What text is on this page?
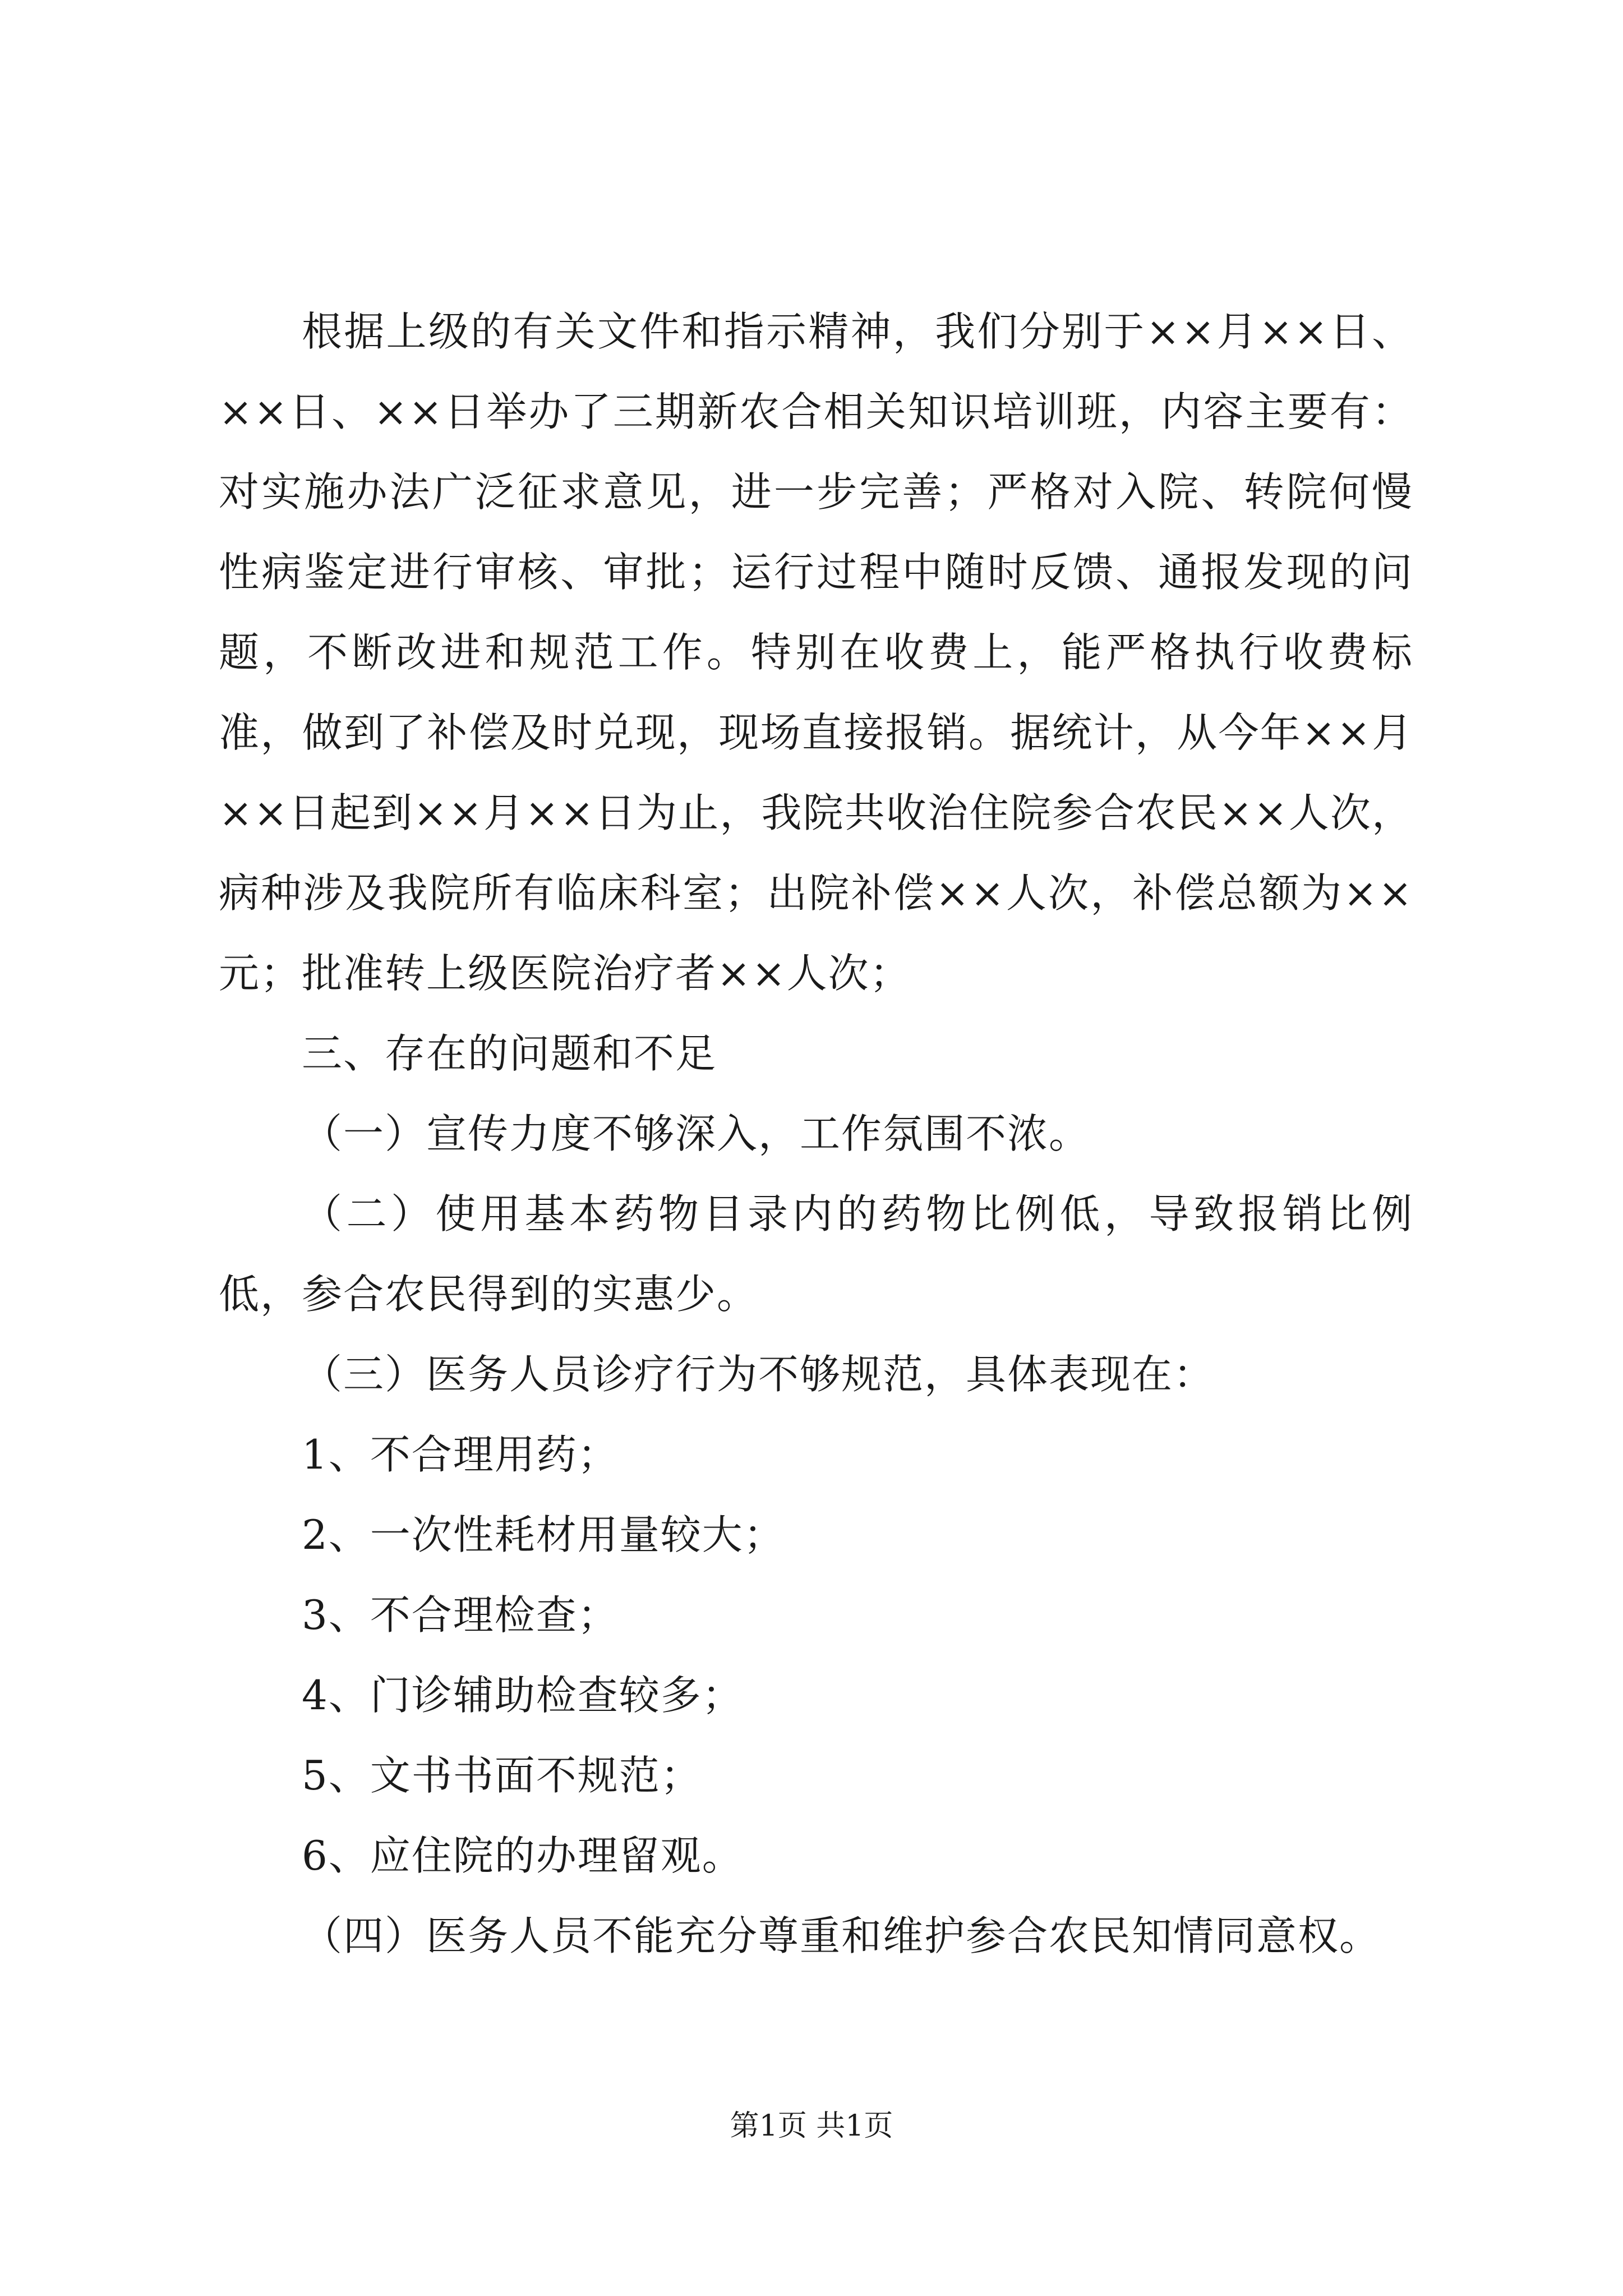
根据上级的有关文件和指示精神，我们分别于××月××日、××日、××日举办了三期新农合相关知识培训班，内容主要有：对实施办法广泛征求意见，进一步完善；严格对入院、转院何慢性病鉴定进行审核、审批；运行过程中随时反馈、通报发现的问题，不断改进和规范工作。特别在收费上，能严格执行收费标准，做到了补偿及时兑现，现场直接报销。据统计，从今年××月××日起到××月××日为止，我院共收治住院参合农民××人次，病种涉及我院所有临床科室；出院补偿××人次，补偿总额为××元；批准转上级医院治疗者××人次；

三、存在的问题和不足

（一）宣传力度不够深入，工作氛围不浓。

（二）使用基本药物目录内的药物比例低，导致报销比例低，参合农民得到的实惠少。

（三）医务人员诊疗行为不够规范，具体表现在：

1、不合理用药；

2、一次性耗材用量较大；

3、不合理检查；

4、门诊辅助检查较多；

5、文书书面不规范；

6、应住院的办理留观。

（四）医务人员不能充分尊重和维护参合农民知情同意权。

第1页 共1页
